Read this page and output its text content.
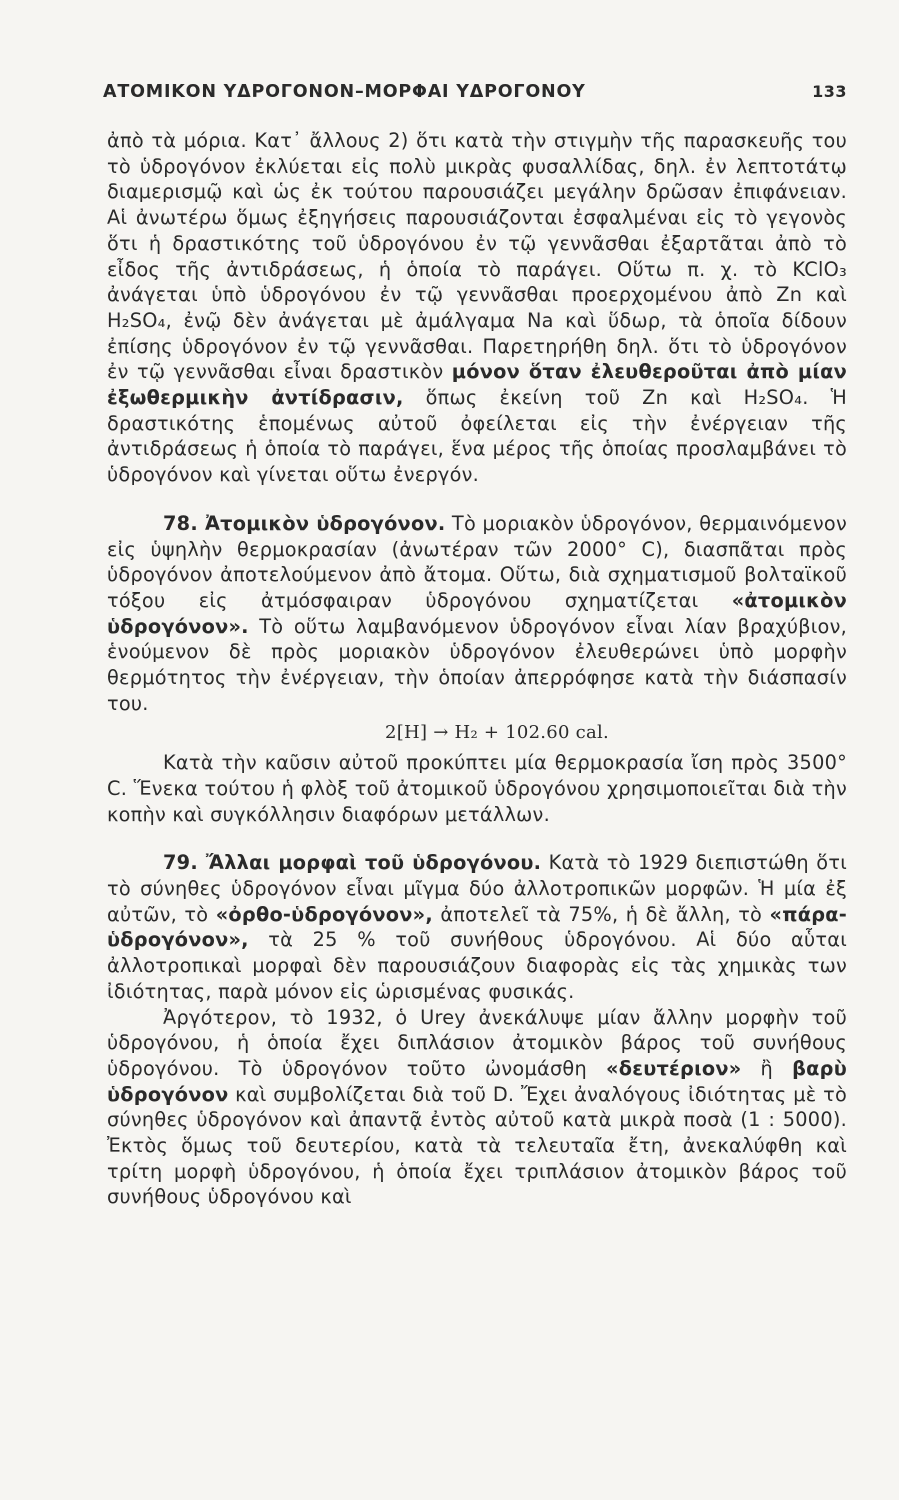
ΑΤΟΜΙΚΟΝ ΥΔΡΟΓΟΝΟΝ–ΜΟΡΦΑΙ ΥΔΡΟΓΟΝΟΥ	133

ἀπὸ τὰ μόρια. Κατ᾽ ἄλλους 2) ὅτι κατὰ τὴν στιγμὴν τῆς παρασκευῆς του τὸ ὑδρογόνον ἐκλύεται εἰς πολὺ μικρὰς φυσαλλίδας, δηλ. ἐν λεπτοτάτῳ διαμερισμῷ καὶ ὡς ἐκ τούτου παρουσιάζει μεγάλην δρῶσαν ἐπιφάνειαν. Αἱ ἀνωτέρω ὅμως ἐξηγήσεις παρουσιάζονται ἐσφαλμέναι εἰς τὸ γεγονὸς ὅτι ἡ δραστικότης τοῦ ὑδρογόνου ἐν τῷ γεννᾶσθαι ἐξαρτᾶται ἀπὸ τὸ εἶδος τῆς ἀντιδράσεως, ἡ ὁποία τὸ παράγει. Οὕτω π. χ. τὸ KClO₃ ἀνάγεται ὑπὸ ὑδρογόνου ἐν τῷ γεννᾶσθαι προερχομένου ἀπὸ Zn καὶ H₂SO₄, ἐνῷ δὲν ἀνάγεται μὲ ἀμάλγαμα Na καὶ ὕδωρ, τὰ ὁποῖα δίδουν ἐπίσης ὑδρογόνον ἐν τῷ γεννᾶσθαι. Παρετηρήθη δηλ. ὅτι τὸ ὑδρογόνον ἐν τῷ γεννᾶσθαι εἶναι δραστικὸν μόνον ὅταν ἐλευθεροῦται ἀπὸ μίαν ἐξωθερμικὴν ἀντίδρασιν, ὅπως ἐκείνη τοῦ Zn καὶ H₂SO₄. Ἡ δραστικότης ἑπομένως αὐτοῦ ὀφείλεται εἰς τὴν ἐνέργειαν τῆς ἀντιδράσεως ἡ ὁποία τὸ παράγει, ἕνα μέρος τῆς ὁποίας προσλαμβάνει τὸ ὑδρογόνον καὶ γίνεται οὕτω ἐνεργόν.

78. Ἀτομικὸν ὑδρογόνον. Τὸ μοριακὸν ὑδρογόνον, θερμαινόμενον εἰς ὑψηλὴν θερμοκρασίαν (ἀνωτέραν τῶν 2000° C), διασπᾶται πρὸς ὑδρογόνον ἀποτελούμενον ἀπὸ ἄτομα. Οὕτω, διὰ σχηματισμοῦ βολταϊκοῦ τόξου εἰς ἀτμόσφαιραν ὑδρογόνου σχηματίζεται «ἀτομικὸν ὑδρογόνον». Τὸ οὕτω λαμβανόμενον ὑδρογόνον εἶναι λίαν βραχύβιον, ἑνούμενον δὲ πρὸς μοριακὸν ὑδρογόνον ἐλευθερώνει ὑπὸ μορφὴν θερμότητος τὴν ἐνέργειαν, τὴν ὁποίαν ἀπερρόφησε κατὰ τὴν διάσπασίν του.

2[H] → H₂ + 102.60 cal.

Κατὰ τὴν καῦσιν αὐτοῦ προκύπτει μία θερμοκρασία ἴση πρὸς 3500° C. Ἕνεκα τούτου ἡ φλὸξ τοῦ ἀτομικοῦ ὑδρογόνου χρησιμοποιεῖται διὰ τὴν κοπὴν καὶ συγκόλλησιν διαφόρων μετάλλων.

79. Ἄλλαι μορφαὶ τοῦ ὑδρογόνου. Κατὰ τὸ 1929 διεπιστώθη ὅτι τὸ σύνηθες ὑδρογόνον εἶναι μῖγμα δύο ἀλλοτροπικῶν μορφῶν. Ἡ μία ἐξ αὐτῶν, τὸ «ὀρθο-ὑδρογόνον», ἀποτελεῖ τὰ 75%, ἡ δὲ ἄλλη, τὸ «πάρα-ὑδρογόνον», τὰ 25 % τοῦ συνήθους ὑδρογόνου. Αἱ δύο αὗται ἀλλοτροπικαὶ μορφαὶ δὲν παρουσιάζουν διαφορὰς εἰς τὰς χημικὰς των ἰδιότητας, παρὰ μόνον εἰς ὡρισμένας φυσικάς.

Ἀργότερον, τὸ 1932, ὁ Urey ἀνεκάλυψε μίαν ἄλλην μορφὴν τοῦ ὑδρογόνου, ἡ ὁποία ἔχει διπλάσιον ἀτομικὸν βάρος τοῦ συνήθους ὑδρογόνου. Τὸ ὑδρογόνον τοῦτο ὠνομάσθη «δευτέριον» ἢ βαρὺ ὑδρογόνον καὶ συμβολίζεται διὰ τοῦ D. Ἔχει ἀναλόγους ἰδιότητας μὲ τὸ σύνηθες ὑδρογόνον καὶ ἀπαντᾷ ἐντὸς αὐτοῦ κατὰ μικρὰ ποσὰ (1 : 5000). Ἐκτὸς ὅμως τοῦ δευτερίου, κατὰ τὰ τελευταῖα ἔτη, ἀνεκαλύφθη καὶ τρίτη μορφὴ ὑδρογόνου, ἡ ὁποία ἔχει τριπλάσιον ἀτομικὸν βάρος τοῦ συνήθους ὑδρογόνου καὶ
